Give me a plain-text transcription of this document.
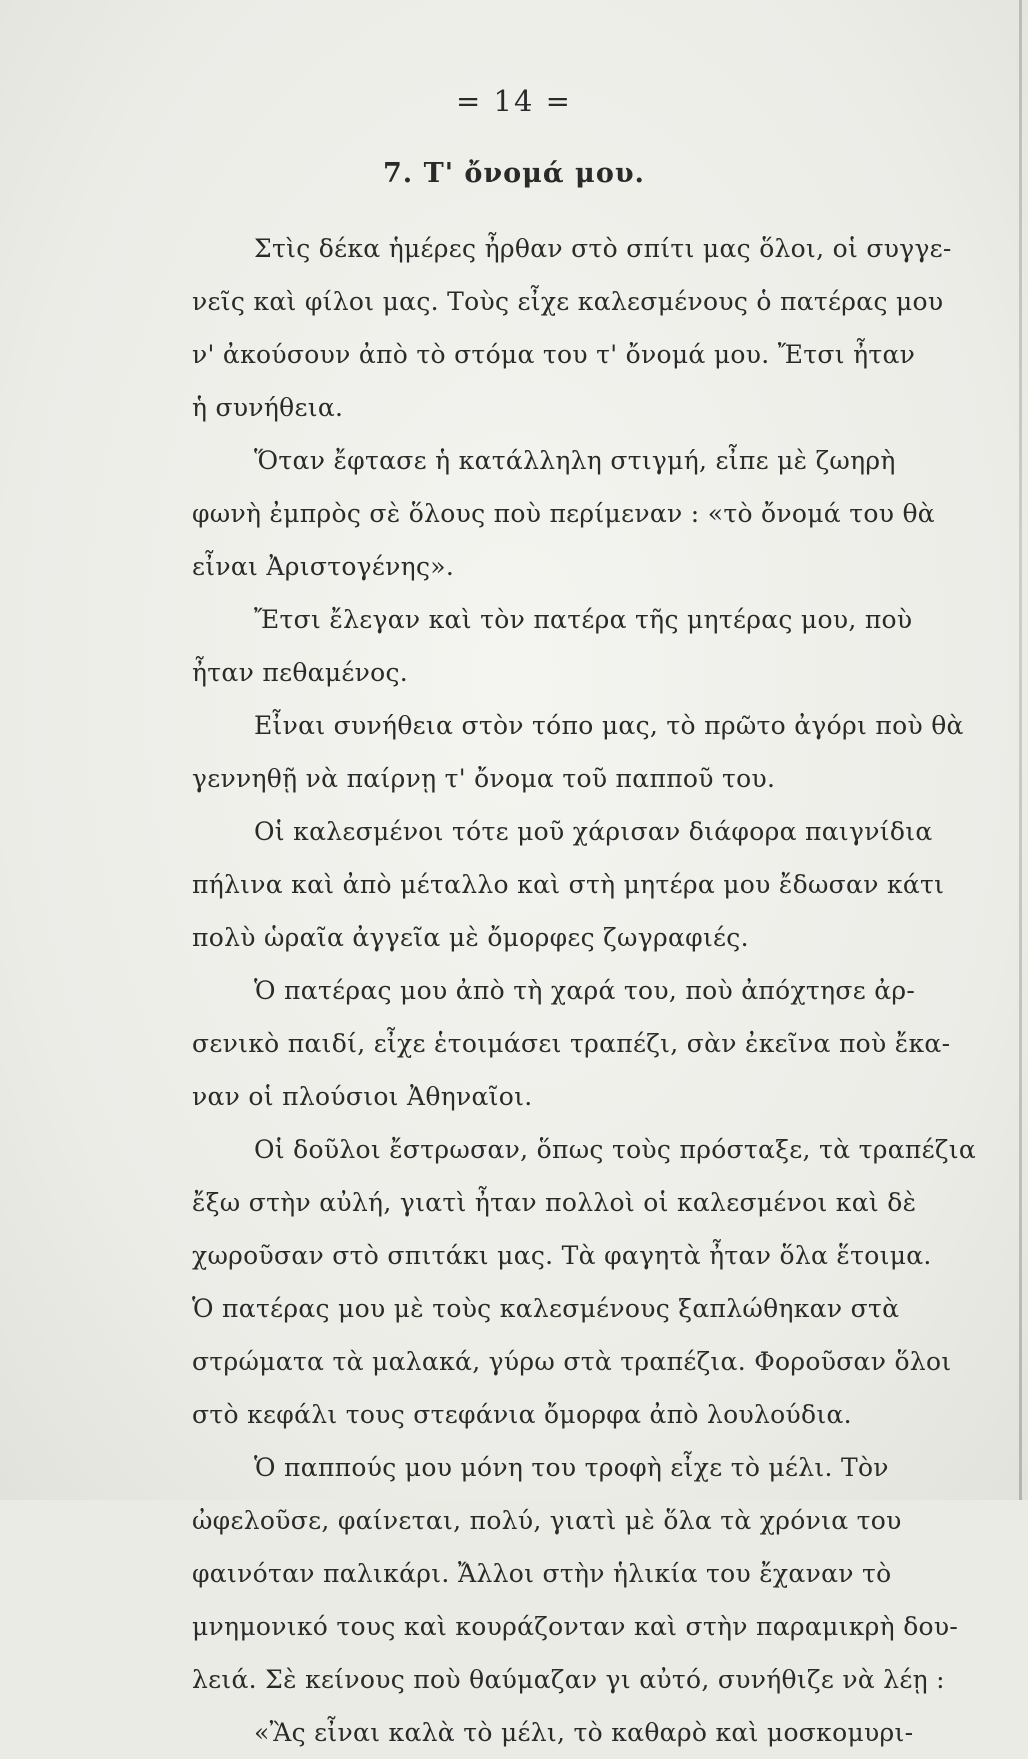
= 14 =
7. Τ' ὄνομά μου.
Στὶς δέκα ἡμέρες ἦρθαν στὸ σπίτι μας ὅλοι, οἱ συγγε-
νεῖς καὶ φίλοι μας. Τοὺς εἶχε καλεσμένους ὁ πατέρας μου
ν' ἀκούσουν ἀπὸ τὸ στόμα του τ' ὄνομά μου. Ἔτσι ἦταν
ἡ συνήθεια.
Ὅταν ἔφτασε ἡ κατάλληλη στιγμή, εἶπε μὲ ζωηρὴ
φωνὴ ἐμπρὸς σὲ ὅλους ποὺ περίμεναν : «τὸ ὄνομά του θὰ
εἶναι Ἀριστογένης».
Ἔτσι ἔλεγαν καὶ τὸν πατέρα τῆς μητέρας μου, ποὺ
ἦταν πεθαμένος.
Εἶναι συνήθεια στὸν τόπο μας, τὸ πρῶτο ἀγόρι ποὺ θὰ
γεννηθῇ νὰ παίρνῃ τ' ὄνομα τοῦ παπποῦ του.
Οἱ καλεσμένοι τότε μοῦ χάρισαν διάφορα παιγνίδια
πήλινα καὶ ἀπὸ μέταλλο καὶ στὴ μητέρα μου ἔδωσαν κάτι
πολὺ ὡραῖα ἀγγεῖα μὲ ὄμορφες ζωγραφιές.
Ὁ πατέρας μου ἀπὸ τὴ χαρά του, ποὺ ἀπόχτησε ἀρ-
σενικὸ παιδί, εἶχε ἑτοιμάσει τραπέζι, σὰν ἐκεῖνα ποὺ ἔκα-
ναν οἱ πλούσιοι Ἀθηναῖοι.
Οἱ δοῦλοι ἔστρωσαν, ὅπως τοὺς πρόσταξε, τὰ τραπέζια
ἔξω στὴν αὐλή, γιατὶ ἦταν πολλοὶ οἱ καλεσμένοι καὶ δὲ
χωροῦσαν στὸ σπιτάκι μας. Τὰ φαγητὰ ἦταν ὅλα ἕτοιμα.
Ὁ πατέρας μου μὲ τοὺς καλεσμένους ξαπλώθηκαν στὰ
στρώματα τὰ μαλακά, γύρω στὰ τραπέζια. Φοροῦσαν ὅλοι
στὸ κεφάλι τους στεφάνια ὄμορφα ἀπὸ λουλούδια.
Ὁ παππούς μου μόνη του τροφὴ εἶχε τὸ μέλι. Τὸν
ὠφελοῦσε, φαίνεται, πολύ, γιατὶ μὲ ὅλα τὰ χρόνια του
φαινόταν παλικάρι. Ἄλλοι στὴν ἡλικία του ἔχαναν τὸ
μνημονικό τους καὶ κουράζονταν καὶ στὴν παραμικρὴ δου-
λειά. Σὲ κείνους ποὺ θαύμαζαν γι αὐτό, συνήθιζε νὰ λέῃ :
«Ἂς εἶναι καλὰ τὸ μέλι, τὸ καθαρὸ καὶ μοσκομυρι-
